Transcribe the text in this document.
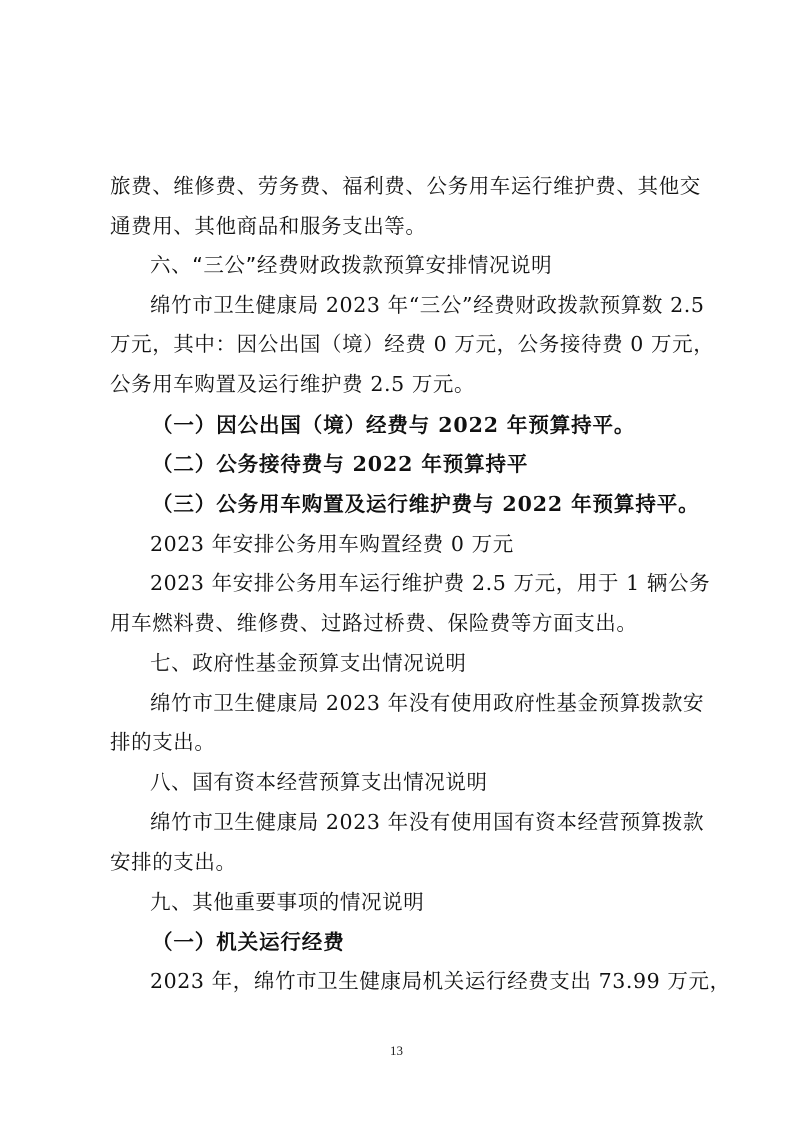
旅费、维修费、劳务费、福利费、公务用车运行维护费、其他交

通费用、其他商品和服务支出等。

六、“三公”经费财政拨款预算安排情况说明

绵竹市卫生健康局 2023 年“三公”经费财政拨款预算数 2.5

万元，其中：因公出国（境）经费 0 万元，公务接待费 0 万元，

公务用车购置及运行维护费 2.5 万元。

（一）因公出国（境）经费与 2022 年预算持平。

（二）公务接待费与 2022 年预算持平

（三）公务用车购置及运行维护费与 2022 年预算持平。

2023 年安排公务用车购置经费 0 万元

2023 年安排公务用车运行维护费 2.5 万元，用于 1 辆公务

用车燃料费、维修费、过路过桥费、保险费等方面支出。

七、政府性基金预算支出情况说明

绵竹市卫生健康局 2023 年没有使用政府性基金预算拨款安

排的支出。

八、国有资本经营预算支出情况说明

绵竹市卫生健康局 2023 年没有使用国有资本经营预算拨款

安排的支出。

九、其他重要事项的情况说明

（一）机关运行经费

2023 年，绵竹市卫生健康局机关运行经费支出 73.99 万元，

13
